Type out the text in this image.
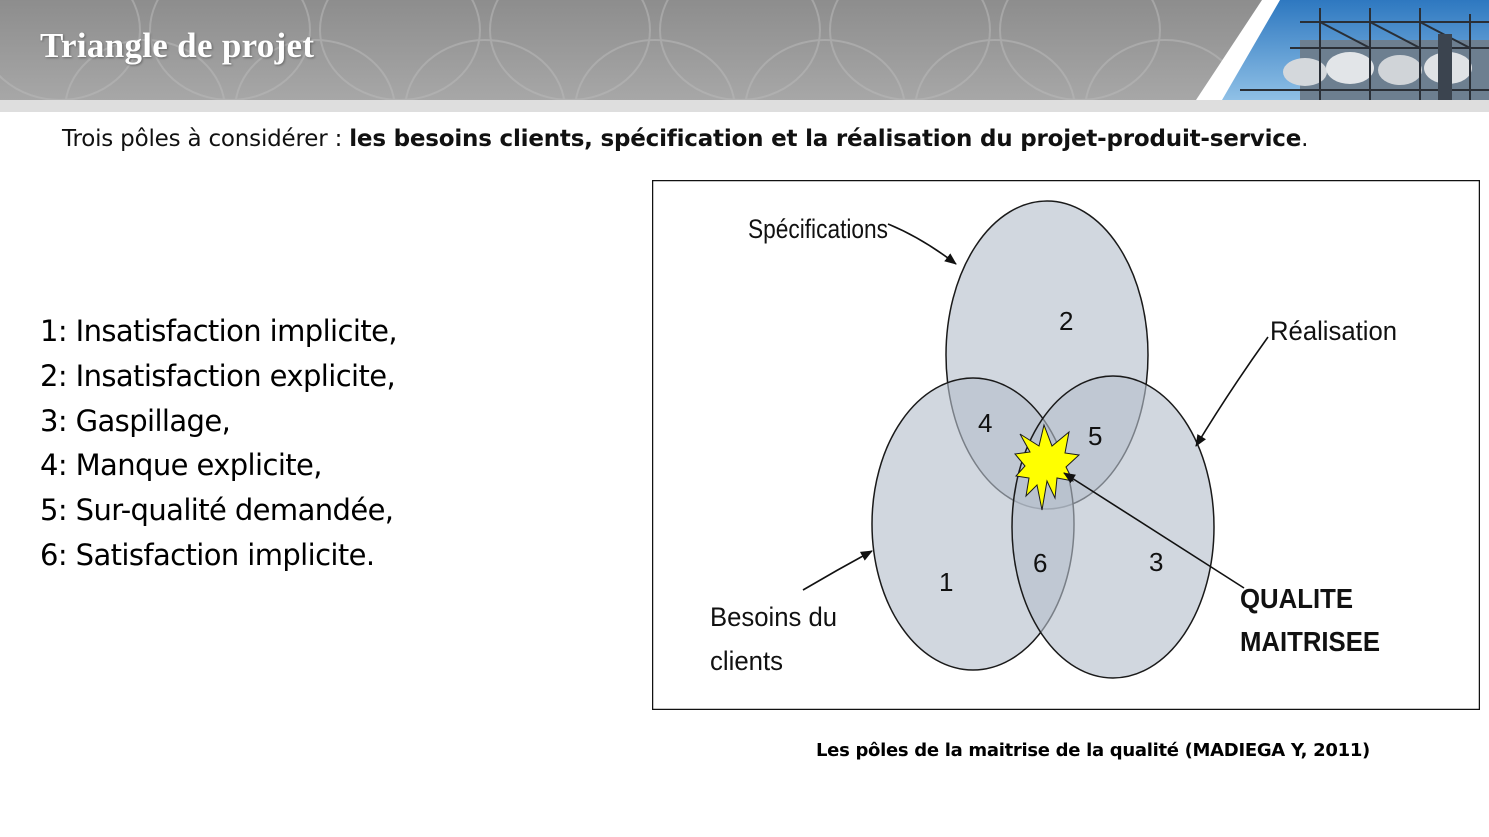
Triangle de projet

Trois pôles à considérer : les besoins clients, spécification et la réalisation du projet-produit-service.

1: Insatisfaction implicite,
2: Insatisfaction explicite,
3: Gaspillage,
4: Manque explicite,
5: Sur-qualité demandée,
6: Satisfaction implicite.
1
2
3
4	5
6
Spécifications
Réalisation
Besoins du
clients
QUALITE
MAITRISEE

Les pôles de la maitrise de la qualité (MADIEGA Y, 2011)
